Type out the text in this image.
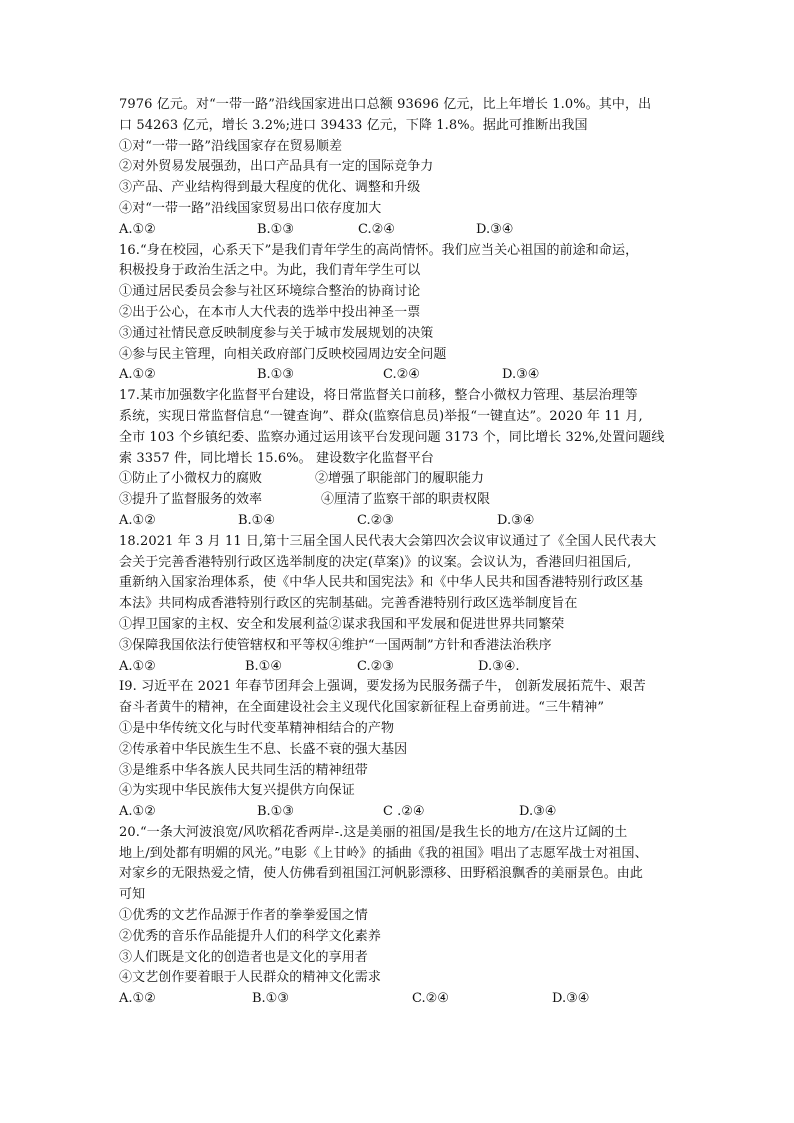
7976 亿元。对“一带一路”沿线国家进出口总额 93696 亿元，比上年增长 1.0%。其中，出
口 54263 亿元，增长 3.2%;进口 39433 亿元，下降 1.8%。据此可推断出我国
①对“一带一路”沿线国家存在贸易顺差
②对外贸易发展强劲，出口产品具有一定的国际竞争力
③产品、产业结构得到最大程度的优化、调整和升级
④对“一带一路”沿线国家贸易出口依存度加大
A.①②	B.①③	C.②④	D.③④
16.“身在校园，心系天下”是我们青年学生的高尚情怀。我们应当关心祖国的前途和命运，
积极投身于政治生活之中。为此，我们青年学生可以
①通过居民委员会参与社区环境综合整治的协商讨论
②出于公心，在本市人大代表的选举中投出神圣一票
③通过社情民意反映制度参与关于城市发展规划的决策
④参与民主管理，向相关政府部门反映校园周边安全问题
A.①②	B.①③	C.②④	D.③④
17.某市加强数字化监督平台建设，将日常监督关口前移，整合小微权力管理、基层治理等
系统，实现日常监督信息“一键查询”、群众(监察信息员)举报“一键直达”。2020 年 11 月,
全市 103 个乡镇纪委、监察办通过运用该平台发现问题 3173 个，同比增长 32%,处置问题线
索 3357 件，同比增长 15.6%。 建设数字化监督平台
①防止了小微权力的腐败	②增强了职能部门的履职能力
③提升了监督服务的效率	④厘清了监察干部的职责权限
A.①②	B.①④	C.②③	D.③④
18.2021 年 3 月 11 日,第十三届全国人民代表大会第四次会议审议通过了《全国人民代表大
会关于完善香港特别行政区选举制度的决定(草案)》的议案。会议认为，香港回归祖国后,
重新纳入国家治理体系，使《中华人民共和国宪法》和《中华人民共和国香港特别行政区基
本法》共同构成香港特别行政区的宪制基础。完善香港特别行政区选举制度旨在
①捍卫国家的主权、安全和发展利益②谋求我国和平发展和促进世界共同繁荣
③保障我国依法行使管辖权和平等权④维护“一国两制”方针和香港法治秩序
A.①②	B.①④	C.②③	D.③④.
I9. 习近平在 2021 年春节团拜会上强调，要发扬为民服务孺子牛， 创新发展拓荒牛、艰苦
奋斗者黄牛的精神，在全面建设社会主义现代化国家新征程上奋勇前进。“三牛精神”
①是中华传统文化与时代变革精神相结合的产物
②传承着中华民族生生不息、长盛不衰的强大基因
③是维系中华各族人民共同生活的精神纽带
④为实现中华民族伟大复兴提供方向保证
A.①②	B.①③	C .②④	D.③④
20.“一条大河波浪宽/风吹稻花香两岸-.这是美丽的祖国/是我生长的地方/在这片辽阔的土
地上/到处都有明媚的风光。”电影《上甘岭》的插曲《我的祖国》唱出了志愿军战士对祖国、
对家乡的无限热爱之情，使人仿佛看到祖国江河帆影漂移、田野稻浪飘香的美丽景色。由此
可知
①优秀的文艺作品源于作者的拳拳爱国之情
②优秀的音乐作品能提升人们的科学文化素养
③人们既是文化的创造者也是文化的享用者
④文艺创作要着眼于人民群众的精神文化需求
A.①②	B.①③	C.②④	D.③④
